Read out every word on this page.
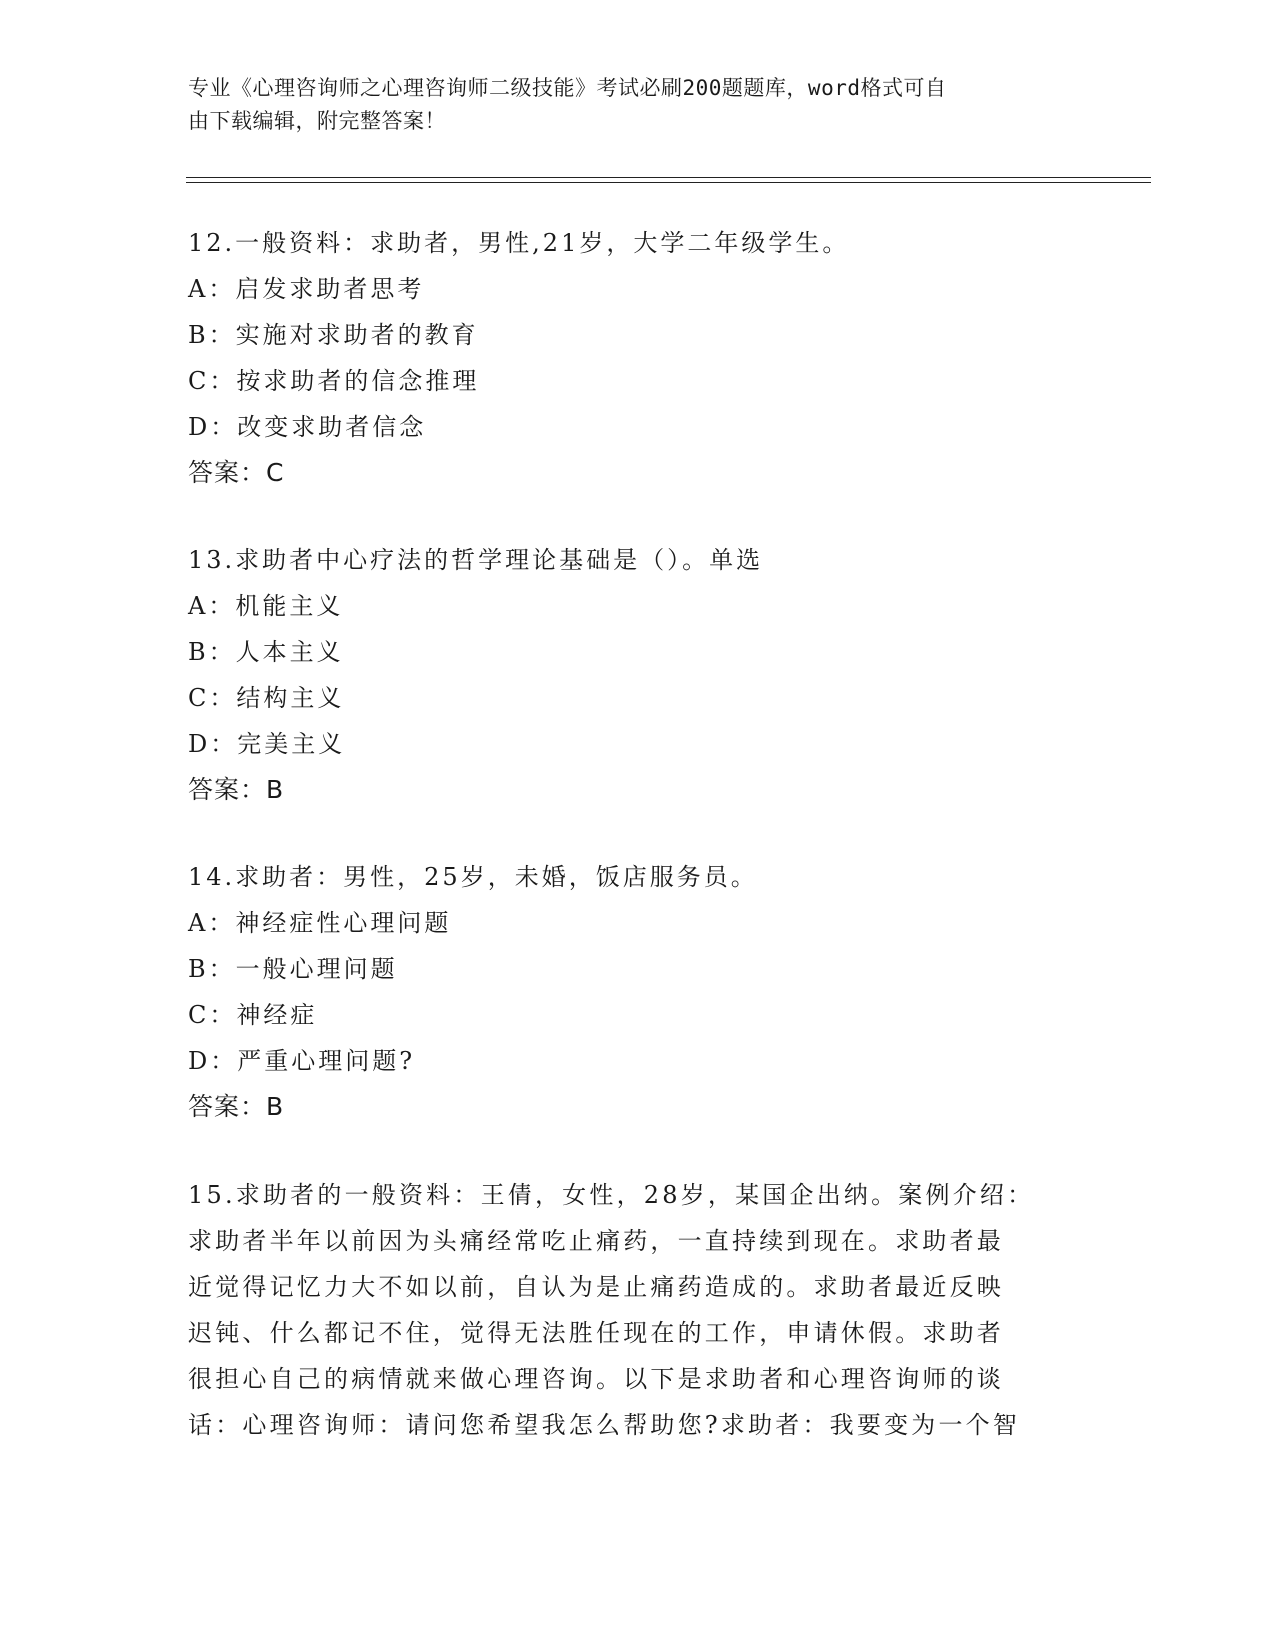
专业《心理咨询师之心理咨询师二级技能》考试必刷200题题库，word格式可自
由下载编辑，附完整答案！

12.一般资料：求助者，男性,21岁，大学二年级学生。

A：启发求助者思考

B：实施对求助者的教育

C：按求助者的信念推理

D：改变求助者信念

答案：C

13.求助者中心疗法的哲学理论基础是（）。单选

A：机能主义

B：人本主义

C：结构主义

D：完美主义

答案：B

14.求助者：男性，25岁，未婚，饭店服务员。

A：神经症性心理问题

B：一般心理问题

C：神经症

D：严重心理问题?

答案：B

15.求助者的一般资料：王倩，女性，28岁，某国企出纳。案例介绍：

求助者半年以前因为头痛经常吃止痛药，一直持续到现在。求助者最

近觉得记忆力大不如以前，自认为是止痛药造成的。求助者最近反映

迟钝、什么都记不住，觉得无法胜任现在的工作，申请休假。求助者

很担心自己的病情就来做心理咨询。以下是求助者和心理咨询师的谈

话：心理咨询师：请问您希望我怎么帮助您?求助者：我要变为一个智
